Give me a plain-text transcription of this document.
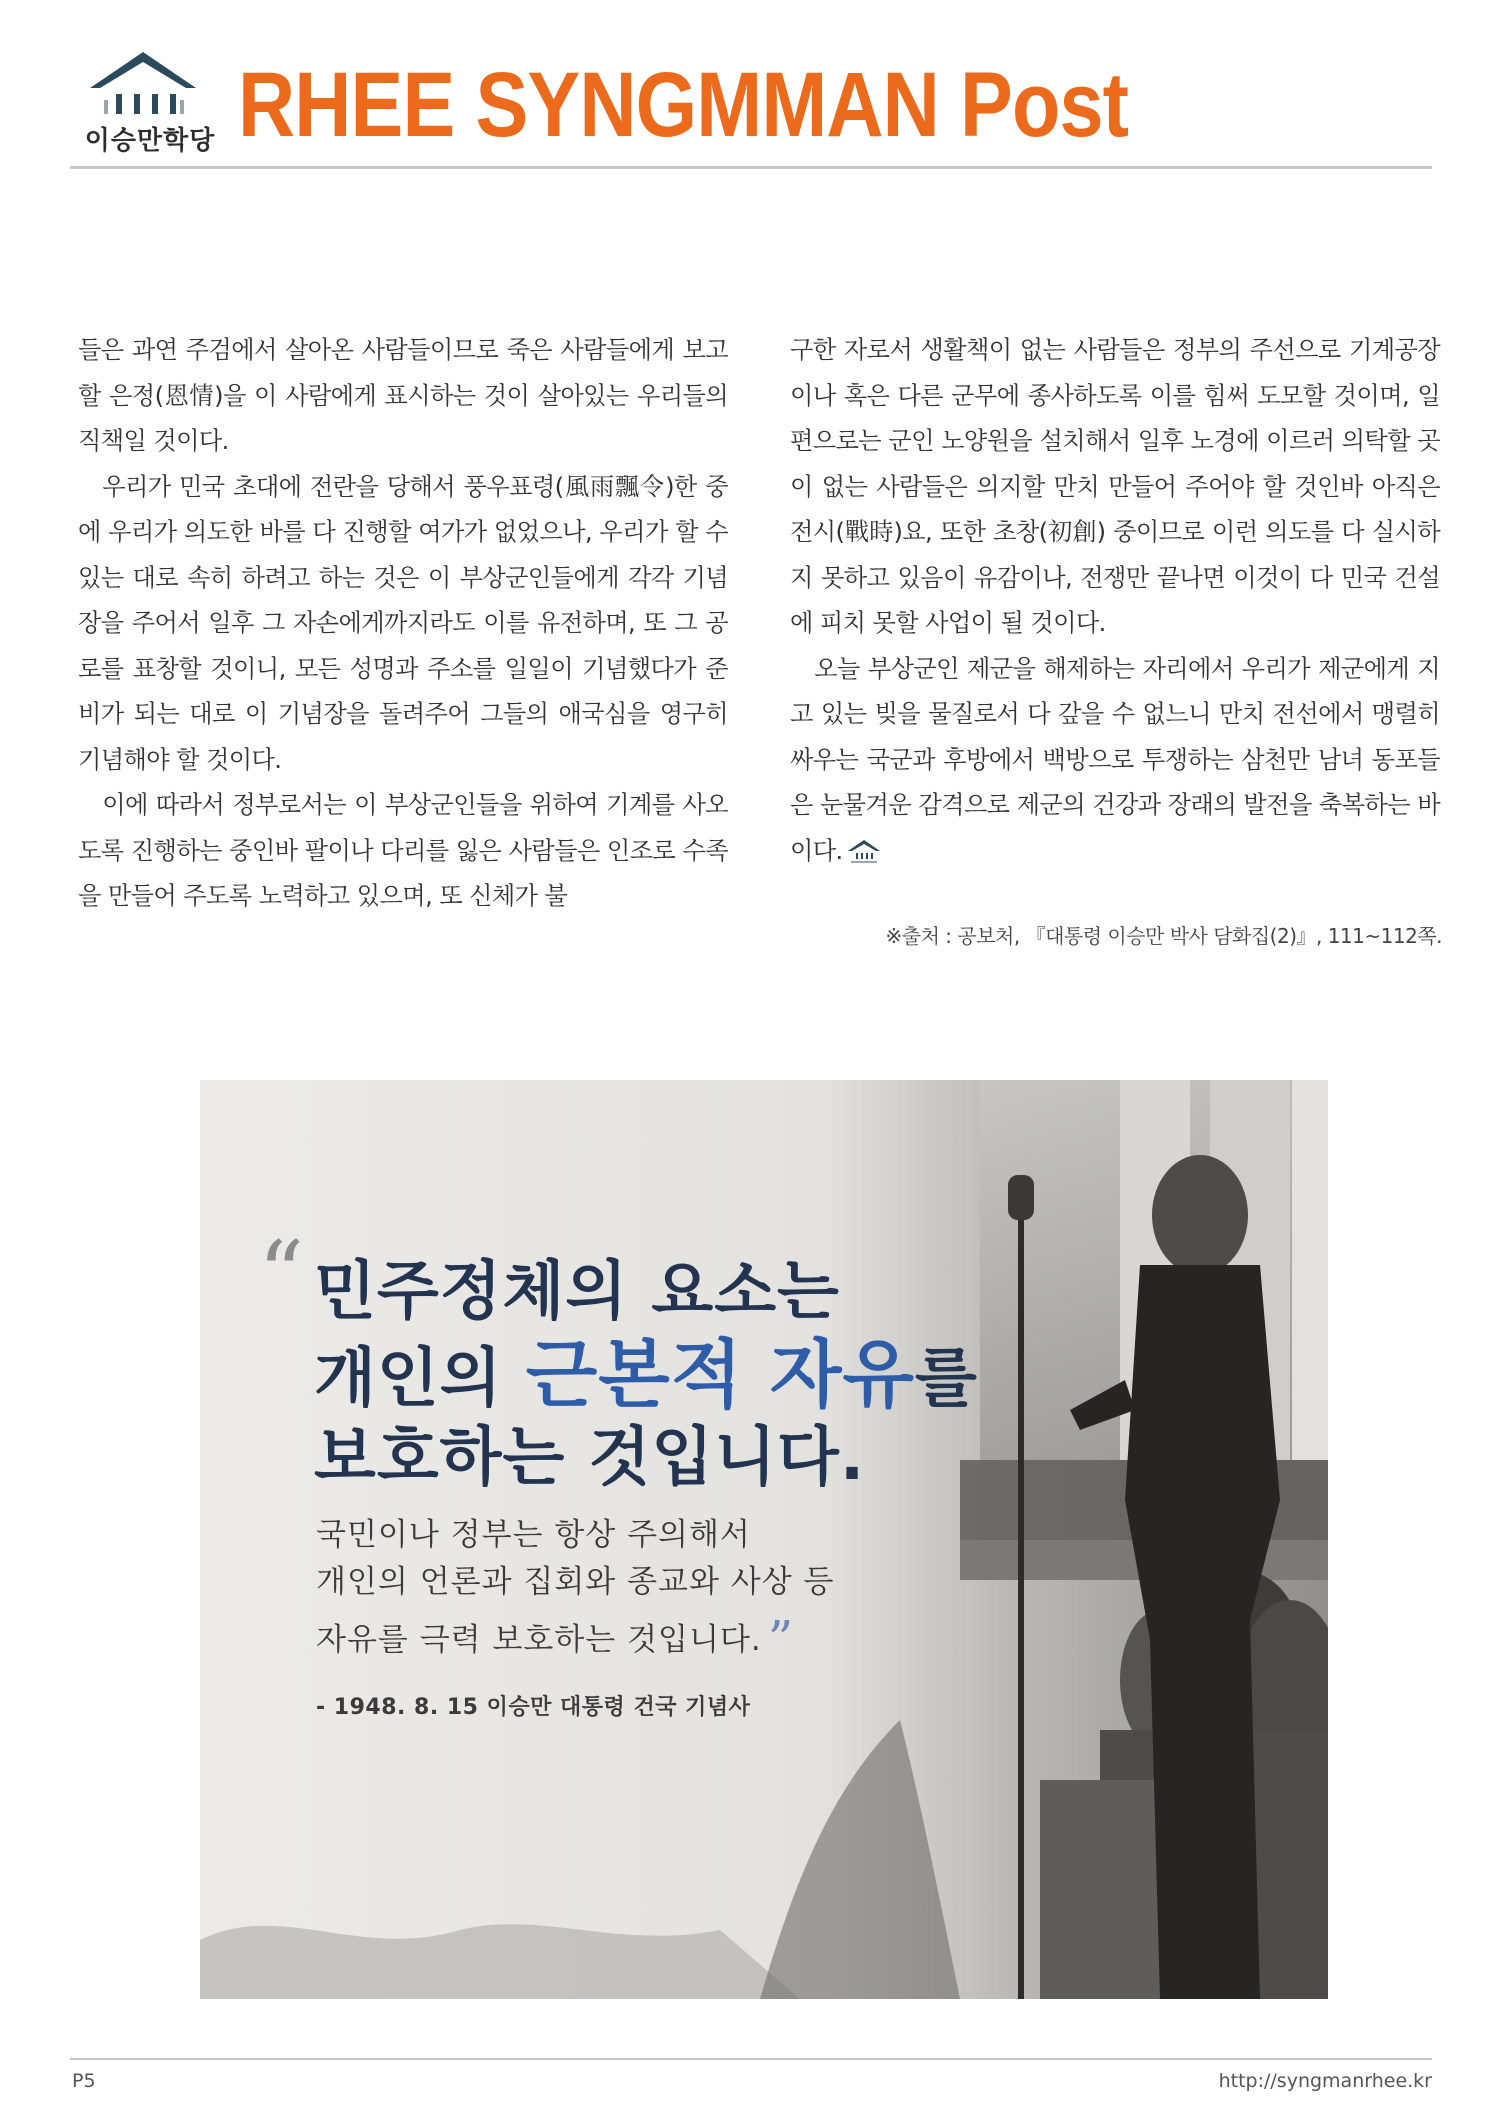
이승만학당 RHEE SYNGMMAN Post

들은 과연 주검에서 살아온 사람들이므로 죽은 사람들에게 보고할 은정(恩情)을 이 사람에게 표시하는 것이 살아있는 우리들의 직책일 것이다.

우리가 민국 초대에 전란을 당해서 풍우표령(風雨飄令)한 중에 우리가 의도한 바를 다 진행할 여가가 없었으나, 우리가 할 수 있는 대로 속히 하려고 하는 것은 이 부상군인들에게 각각 기념장을 주어서 일후 그 자손에게까지라도 이를 유전하며, 또 그 공로를 표창할 것이니, 모든 성명과 주소를 일일이 기념했다가 준비가 되는 대로 이 기념장을 돌려주어 그들의 애국심을 영구히 기념해야 할 것이다.

이에 따라서 정부로서는 이 부상군인들을 위하여 기계를 사오도록 진행하는 중인바 팔이나 다리를 잃은 사람들은 인조로 수족을 만들어 주도록 노력하고 있으며, 또 신체가 불

구한 자로서 생활책이 없는 사람들은 정부의 주선으로 기계공장이나 혹은 다른 군무에 종사하도록 이를 힘써 도모할 것이며, 일편으로는 군인 노양원을 설치해서 일후 노경에 이르러 의탁할 곳이 없는 사람들은 의지할 만치 만들어 주어야 할 것인바 아직은 전시(戰時)요, 또한 초창(初創) 중이므로 이런 의도를 다 실시하지 못하고 있음이 유감이나, 전쟁만 끝나면 이것이 다 민국 건설에 피치 못할 사업이 될 것이다.

오늘 부상군인 제군을 해제하는 자리에서 우리가 제군에게 지고 있는 빚을 물질로서 다 갚을 수 없느니 만치 전선에서 맹렬히 싸우는 국군과 후방에서 백방으로 투쟁하는 삼천만 남녀 동포들은 눈물겨운 감격으로 제군의 건강과 장래의 발전을 축복하는 바이다.

※출처 : 공보처, 『대통령 이승만 박사 담화집(2)』, 111~112쪽.
“ 민주정체의 요소는
개인의 근본적 자유를
보호하는 것입니다.
국민이나 정부는 항상 주의해서
개인의 언론과 집회와 종교와 사상 등
자유를 극력 보호하는 것입니다. ”
- 1948. 8. 15 이승만 대통령 건국 기념사
P5	http://syngmanrhee.kr
